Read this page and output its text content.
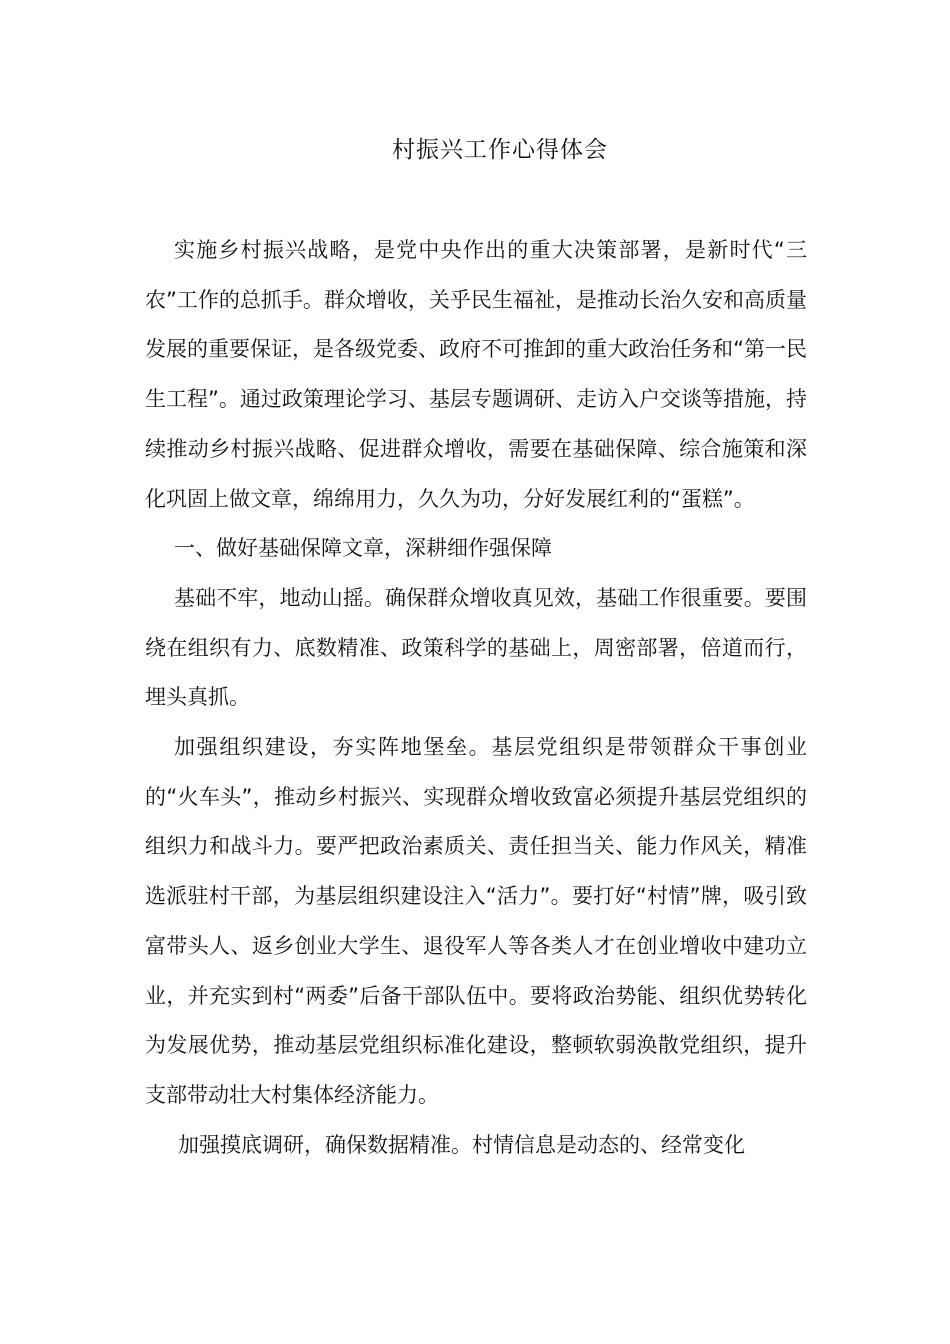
村振兴工作心得体会

实施乡村振兴战略，是党中央作出的重大决策部署，是新时代“三农”工作的总抓手。群众增收，关乎民生福祉，是推动长治久安和高质量发展的重要保证，是各级党委、政府不可推卸的重大政治任务和“第一民生工程”。通过政策理论学习、基层专题调研、走访入户交谈等措施，持续推动乡村振兴战略、促进群众增收，需要在基础保障、综合施策和深化巩固上做文章，绵绵用力，久久为功，分好发展红利的“蛋糕”。

一、做好基础保障文章，深耕细作强保障

基础不牢，地动山摇。确保群众增收真见效，基础工作很重要。要围绕在组织有力、底数精准、政策科学的基础上，周密部署，倍道而行，埋头真抓。

加强组织建设，夯实阵地堡垒。基层党组织是带领群众干事创业的“火车头”，推动乡村振兴、实现群众增收致富必须提升基层党组织的组织力和战斗力。要严把政治素质关、责任担当关、能力作风关，精准选派驻村干部，为基层组织建设注入“活力”。要打好“村情”牌，吸引致富带头人、返乡创业大学生、退役军人等各类人才在创业增收中建功立业，并充实到村“两委”后备干部队伍中。要将政治势能、组织优势转化为发展优势，推动基层党组织标准化建设，整顿软弱涣散党组织，提升支部带动壮大村集体经济能力。

加强摸底调研，确保数据精准。村情信息是动态的、经常变化
